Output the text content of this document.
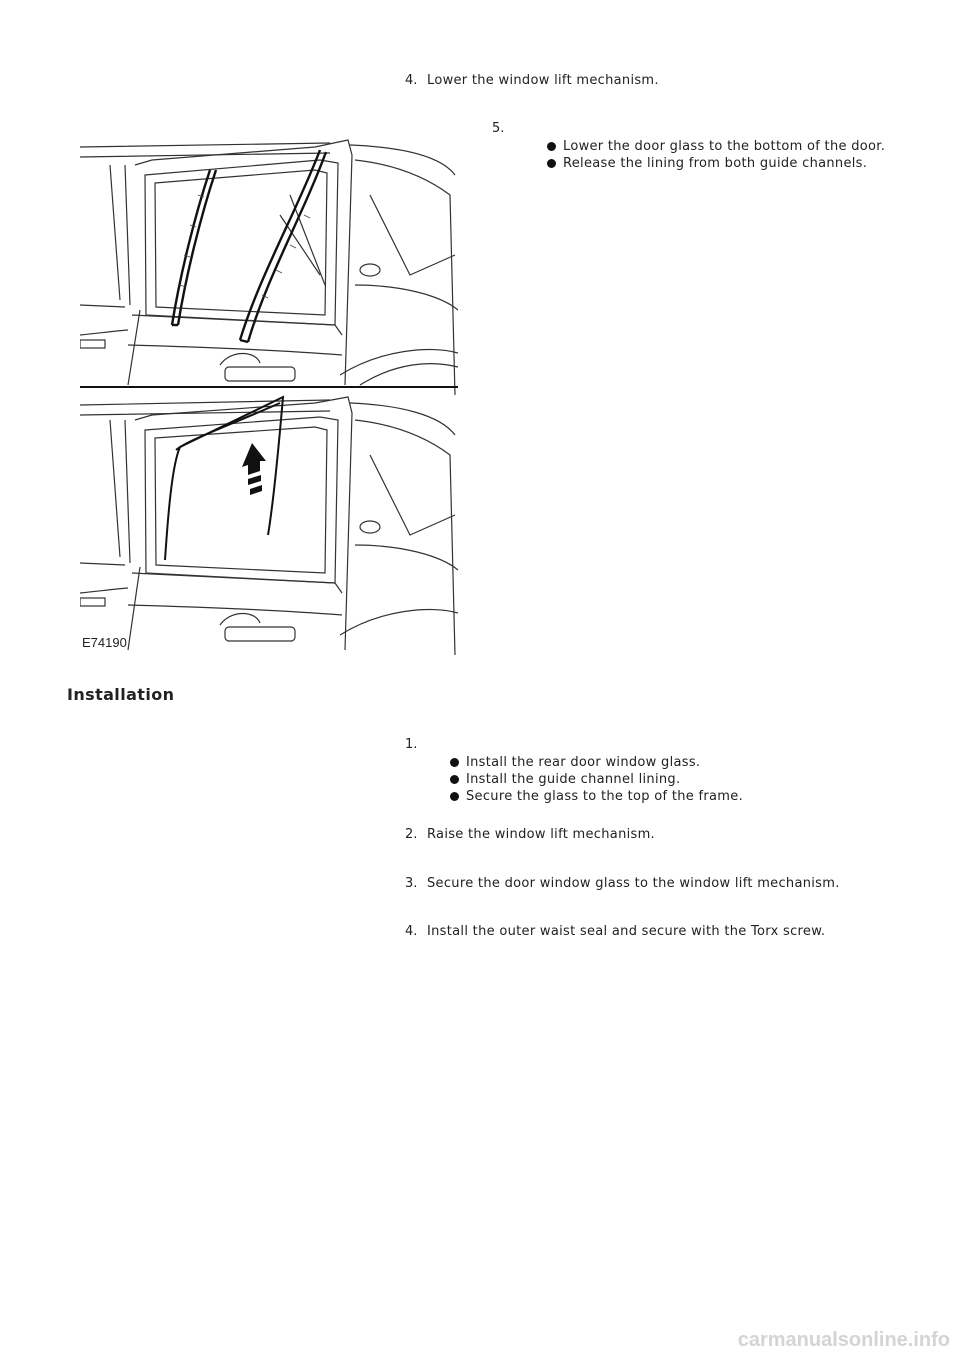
4. Lower the window lift mechanism.
5.
Lower the door glass to the bottom of the door.
Release the lining from both guide channels.
E74190
Installation
1.
Install the rear door window glass.
Install the guide channel lining.
Secure the glass to the top of the frame.
2. Raise the window lift mechanism.
3. Secure the door window glass to the window lift mechanism.
4. Install the outer waist seal and secure with the Torx screw.
carmanualsonline.info
